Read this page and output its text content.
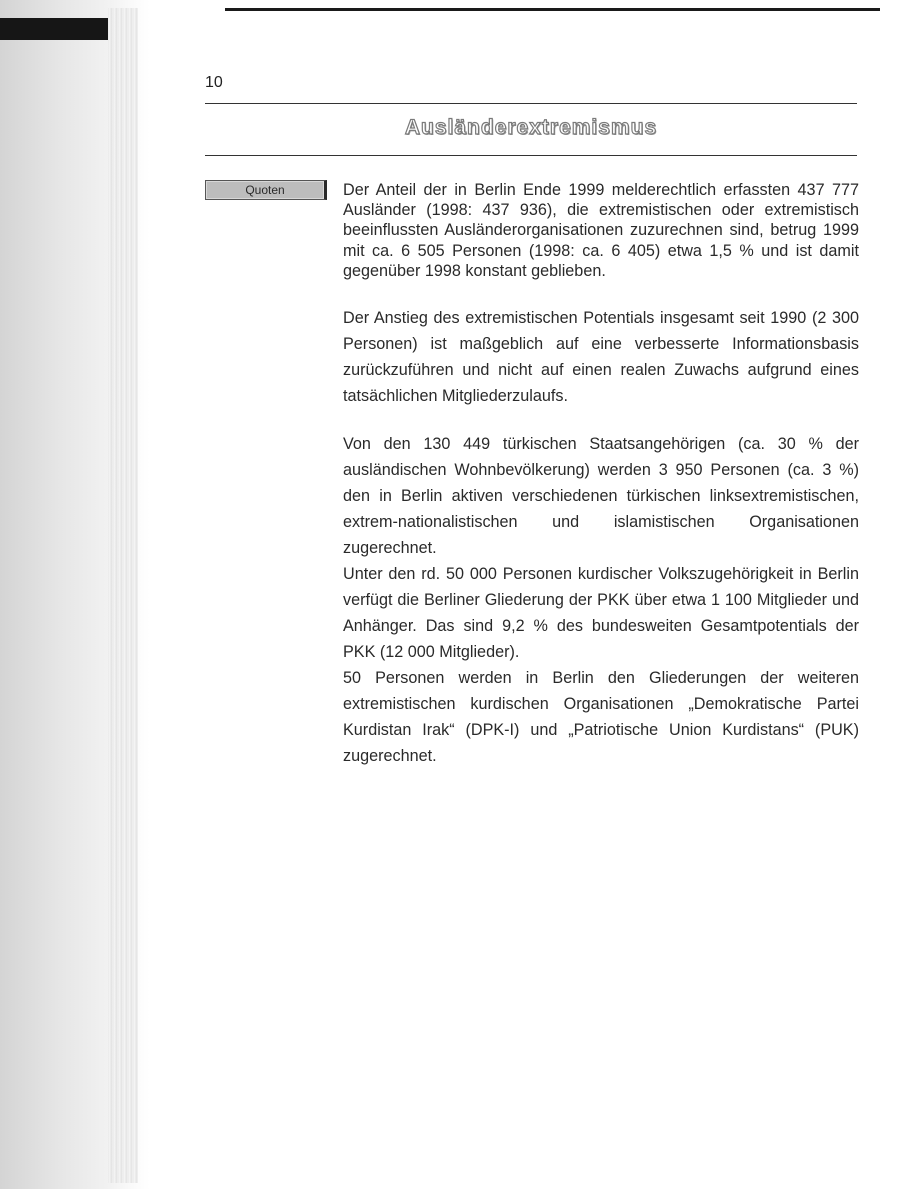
10
Ausländerextremismus
Quoten	Der Anteil der in Berlin Ende 1999 melderechtlich erfassten 437 777 Ausländer (1998: 437 936), die extremistischen oder extremistisch beeinflussten Ausländerorganisationen zuzurechnen sind, betrug 1999 mit ca. 6 505 Personen (1998: ca. 6 405) etwa 1,5 % und ist damit gegenüber 1998 konstant geblieben.

Der Anstieg des extremistischen Potentials insgesamt seit 1990 (2 300 Personen) ist maßgeblich auf eine verbesserte Informationsbasis zurückzuführen und nicht auf einen realen Zuwachs aufgrund eines tatsächlichen Mitgliederzulaufs.

Von den 130 449 türkischen Staatsangehörigen (ca. 30 % der ausländischen Wohnbevölkerung) werden 3 950 Personen (ca. 3 %) den in Berlin aktiven verschiedenen türkischen linksextremistischen, extrem-nationalistischen und islamistischen Organisationen zugerechnet.

Unter den rd. 50 000 Personen kurdischer Volkszugehörigkeit in Berlin verfügt die Berliner Gliederung der PKK über etwa 1 100 Mitglieder und Anhänger. Das sind 9,2 % des bundesweiten Gesamtpotentials der PKK (12 000 Mitglieder).

50 Personen werden in Berlin den Gliederungen der weiteren extremistischen kurdischen Organisationen „Demokratische Partei Kurdistan Irak“ (DPK-I) und „Patriotische Union Kurdistans“ (PUK) zugerechnet.
